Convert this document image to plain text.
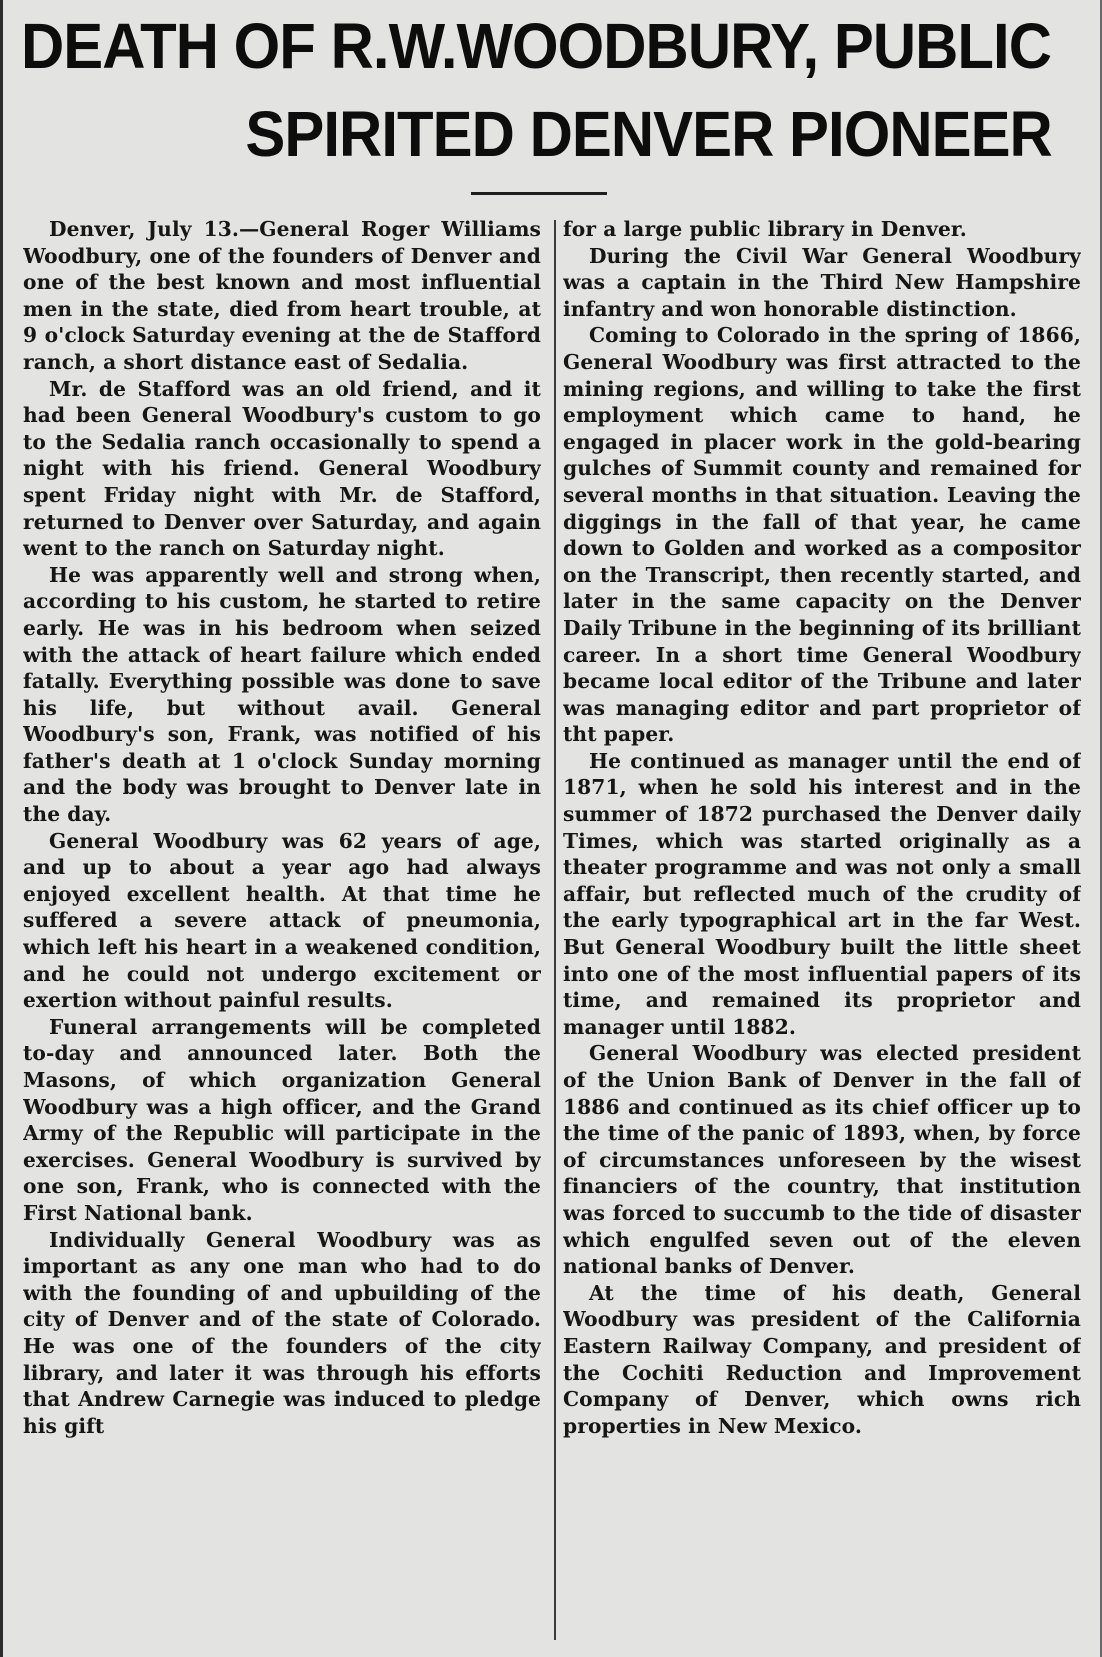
DEATH OF R.W.WOODBURY, PUBLIC
SPIRITED DENVER PIONEER

Denver, July 13.—General Roger Williams Woodbury, one of the founders of Denver and one of the best known and most influential men in the state, died from heart trouble, at 9 o'clock Saturday evening at the de Stafford ranch, a short distance east of Sedalia.

Mr. de Stafford was an old friend, and it had been General Woodbury's custom to go to the Sedalia ranch occasionally to spend a night with his friend. General Woodbury spent Friday night with Mr. de Stafford, returned to Denver over Saturday, and again went to the ranch on Saturday night.

He was apparently well and strong when, according to his custom, he started to retire early. He was in his bedroom when seized with the attack of heart failure which ended fatally. Everything possible was done to save his life, but without avail. General Woodbury's son, Frank, was notified of his father's death at 1 o'clock Sunday morning and the body was brought to Denver late in the day.

General Woodbury was 62 years of age, and up to about a year ago had always enjoyed excellent health. At that time he suffered a severe attack of pneumonia, which left his heart in a weakened condition, and he could not undergo excitement or exertion without painful results.

Funeral arrangements will be completed to-day and announced later. Both the Masons, of which organization General Woodbury was a high officer, and the Grand Army of the Republic will participate in the exercises. General Woodbury is survived by one son, Frank, who is connected with the First National bank.

Individually General Woodbury was as important as any one man who had to do with the founding of and upbuilding of the city of Denver and of the state of Colorado. He was one of the founders of the city library, and later it was through his efforts that Andrew Carnegie was induced to pledge his gift

for a large public library in Denver.

During the Civil War General Woodbury was a captain in the Third New Hampshire infantry and won honorable distinction.

Coming to Colorado in the spring of 1866, General Woodbury was first attracted to the mining regions, and willing to take the first employment which came to hand, he engaged in placer work in the gold-bearing gulches of Summit county and remained for several months in that situation. Leaving the diggings in the fall of that year, he came down to Golden and worked as a compositor on the Transcript, then recently started, and later in the same capacity on the Denver Daily Tribune in the beginning of its brilliant career. In a short time General Woodbury became local editor of the Tribune and later was managing editor and part proprietor of tht paper.

He continued as manager until the end of 1871, when he sold his interest and in the summer of 1872 purchased the Denver daily Times, which was started originally as a theater programme and was not only a small affair, but reflected much of the crudity of the early typographical art in the far West. But General Woodbury built the little sheet into one of the most influential papers of its time, and remained its proprietor and manager until 1882.

General Woodbury was elected president of the Union Bank of Denver in the fall of 1886 and continued as its chief officer up to the time of the panic of 1893, when, by force of circumstances unforeseen by the wisest financiers of the country, that institution was forced to succumb to the tide of disaster which engulfed seven out of the eleven national banks of Denver.

At the time of his death, General Woodbury was president of the California Eastern Railway Company, and president of the Cochiti Reduction and Improvement Company of Denver, which owns rich properties in New Mexico.
